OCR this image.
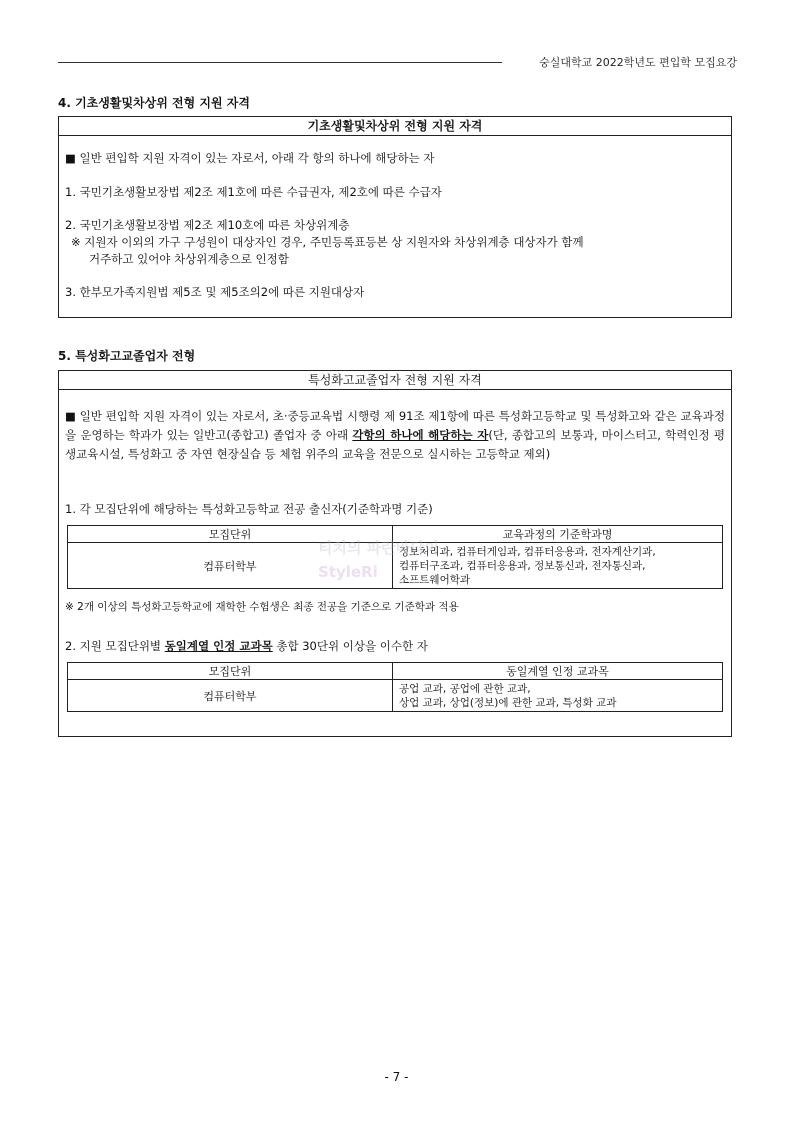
숭실대학교 2022학년도 편입학 모집요강
4. 기초생활및차상위 전형 지원 자격
기초생활및차상위 전형 지원 자격
■ 일반 편입학 지원 자격이 있는 자로서, 아래 각 항의 하나에 해당하는 자
1. 국민기초생활보장법 제2조 제1호에 따른 수급권자, 제2호에 따른 수급자
2. 국민기초생활보장법 제2조 제10호에 따른 차상위계층
※ 지원자 이외의 가구 구성원이 대상자인 경우, 주민등록표등본 상 지원자와 차상위계층 대상자가 함께
거주하고 있어야 차상위계층으로 인정함
3. 한부모가족지원법 제5조 및 제5조의2에 따른 지원대상자
5. 특성화고교졸업자 전형
특성화고교졸업자 전형 지원 자격
■ 일반 편입학 지원 자격이 있는 자로서, 초·중등교육법 시행령 제 91조 제1항에 따른 특성화고등학교 및 특성화고와 같은 교육과정을 운영하는 학과가 있는 일반고(종합고) 졸업자 중 아래 각항의 하나에 해당하는 자(단, 종합고의 보통과, 마이스터고, 학력인정 평생교육시설, 특성화고 중 자연 현장실습 등 체험 위주의 교육을 전문으로 실시하는 고등학교 제외)
1. 각 모집단위에 해당하는 특성화고등학교 전공 출신자(기준학과명 기준)
모집단위	교육과정의 기준학과명
컴퓨터학부	정보처리과, 컴퓨터게임과, 컴퓨터응용과, 전자계산기과,
컴퓨터구조과, 컴퓨터응용과, 정보통신과, 전자통신과,
소프트웨어학과
※ 2개 이상의 특성화고등학교에 재학한 수험생은 최종 전공을 기준으로 기준학과 적용
2. 지원 모집단위별 동일계열 인정 교과목 총합 30단위 이상을 이수한 자
모집단위	동일계열 인정 교과목
컴퓨터학부	공업 교과, 공업에 관한 교과,
상업 교과, 상업(정보)에 관한 교과, 특성화 교과
티치의 파란바닥이
StyleRi
- 7 -
